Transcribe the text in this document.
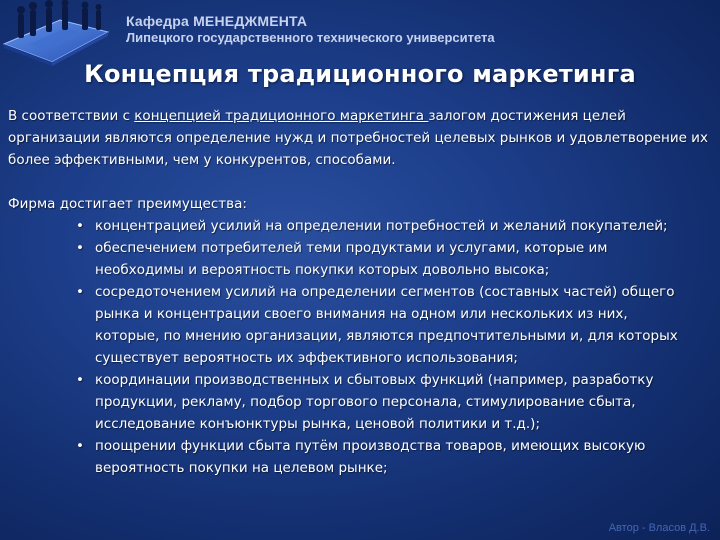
Кафедра МЕНЕДЖМЕНТА
Липецкого государственного технического университета
Концепция традиционного маркетинга

В соответствии с концепцией традиционного маркетинга залогом достижения целей организации являются определение нужд и потребностей целевых рынков и удовлетворение их более эффективными, чем у конкурентов, способами.

Фирма достигает преимущества:

• концентрацией усилий на определении потребностей и желаний покупателей;
• обеспечением потребителей теми продуктами и услугами, которые им необходимы и вероятность покупки которых довольно высока;
• сосредоточением усилий на определении сегментов (составных частей) общего рынка и концентрации своего внимания на одном или нескольких из них, которые, по мнению организации, являются предпочтительными и, для которых существует вероятность их эффективного использования;
• координации производственных и сбытовых функций (например, разработку продукции, рекламу, подбор торгового персонала, стимулирование сбыта, исследование конъюнктуры рынка, ценовой политики и т.д.);
• поощрении функции сбыта путём производства товаров, имеющих высокую вероятность покупки на целевом рынке;
Автор - Власов Д.В.
